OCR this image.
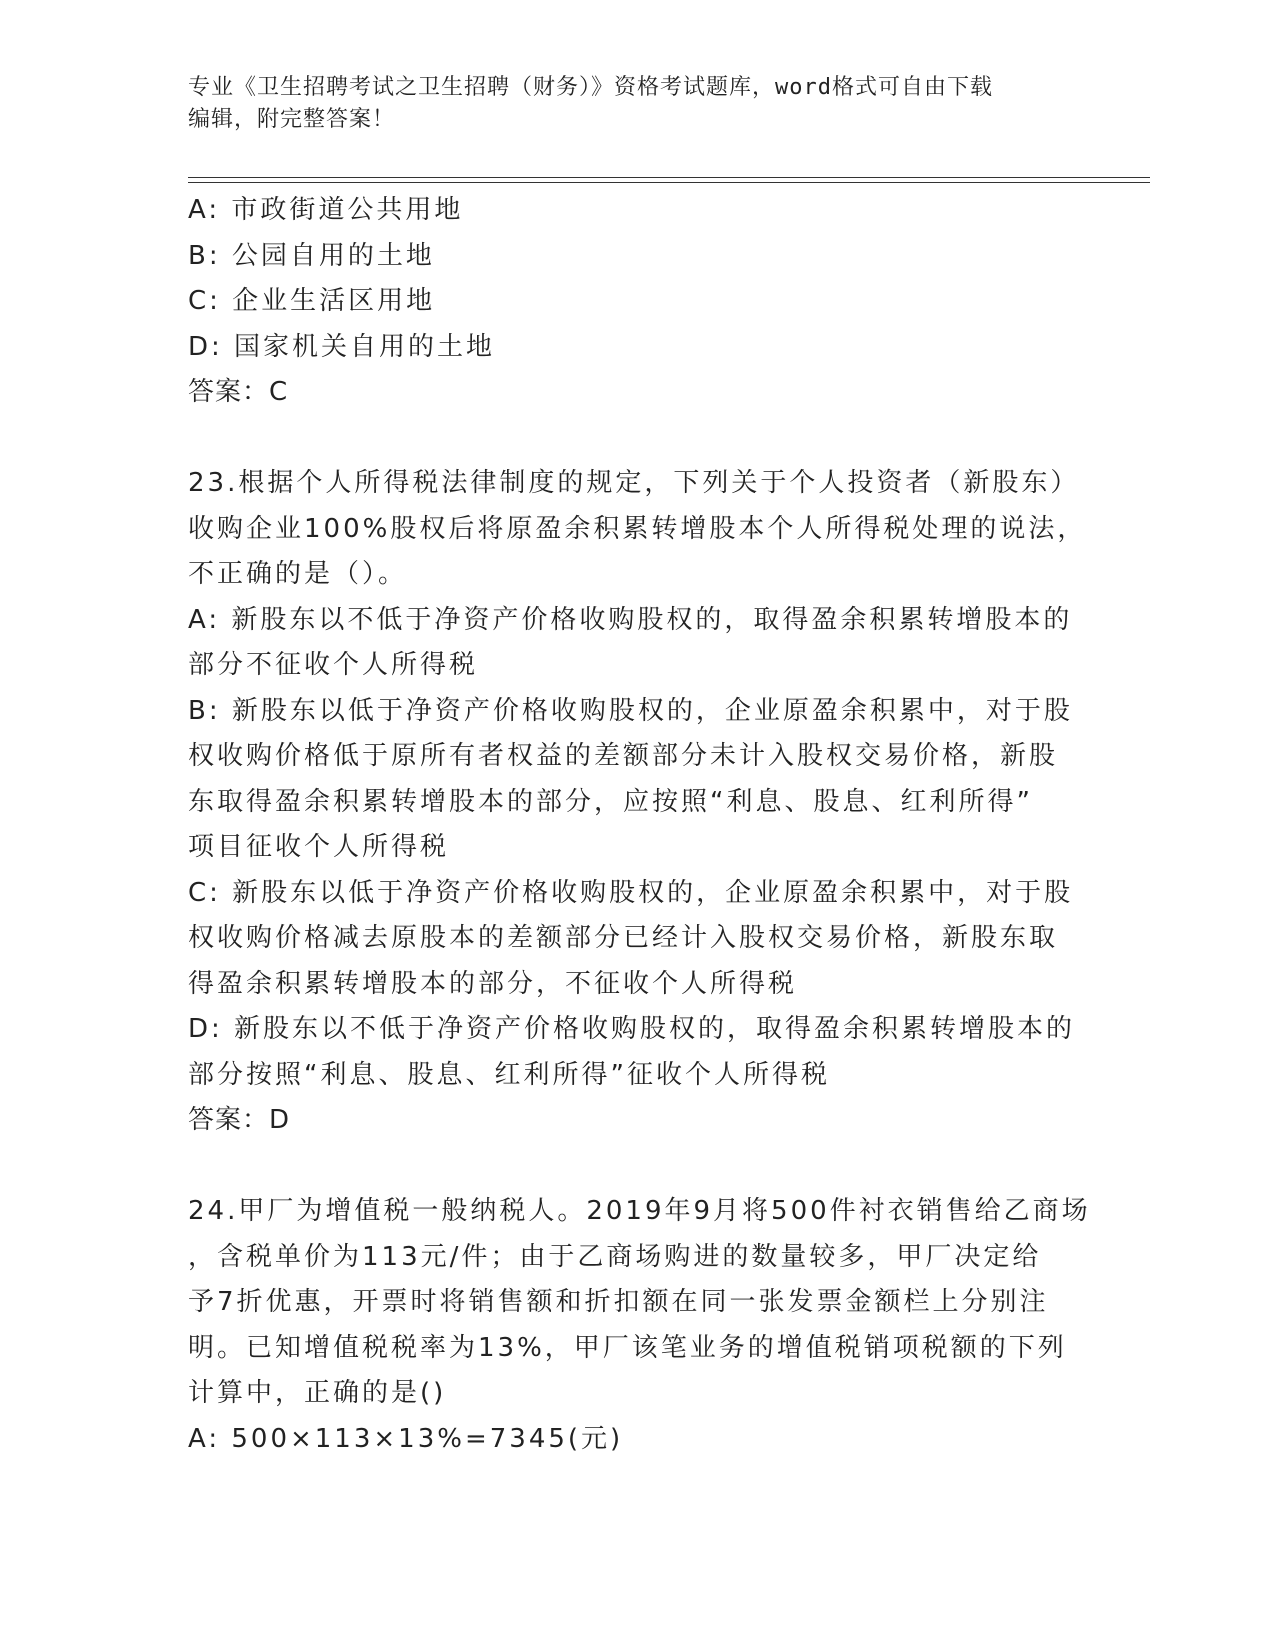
专业《卫生招聘考试之卫生招聘（财务）》资格考试题库，word格式可自由下载
编辑，附完整答案！

A: 市政街道公共用地

B: 公园自用的土地

C: 企业生活区用地

D: 国家机关自用的土地

答案：C

23.根据个人所得税法律制度的规定，下列关于个人投资者（新股东）

收购企业100%股权后将原盈余积累转增股本个人所得税处理的说法，

不正确的是（）。

A: 新股东以不低于净资产价格收购股权的，取得盈余积累转增股本的

部分不征收个人所得税

B: 新股东以低于净资产价格收购股权的，企业原盈余积累中，对于股

权收购价格低于原所有者权益的差额部分未计入股权交易价格，新股

东取得盈余积累转增股本的部分，应按照“利息、股息、红利所得”

项目征收个人所得税

C: 新股东以低于净资产价格收购股权的，企业原盈余积累中，对于股

权收购价格减去原股本的差额部分已经计入股权交易价格，新股东取

得盈余积累转增股本的部分，不征收个人所得税

D: 新股东以不低于净资产价格收购股权的，取得盈余积累转增股本的

部分按照“利息、股息、红利所得”征收个人所得税

答案：D

24.甲厂为增值税一般纳税人。2019年9月将500件衬衣销售给乙商场

，含税单价为113元/件；由于乙商场购进的数量较多，甲厂决定给

予7折优惠，开票时将销售额和折扣额在同一张发票金额栏上分别注

明。已知增值税税率为13%，甲厂该笔业务的增值税销项税额的下列

计算中，正确的是()

A: 500×113×13%=7345(元)
